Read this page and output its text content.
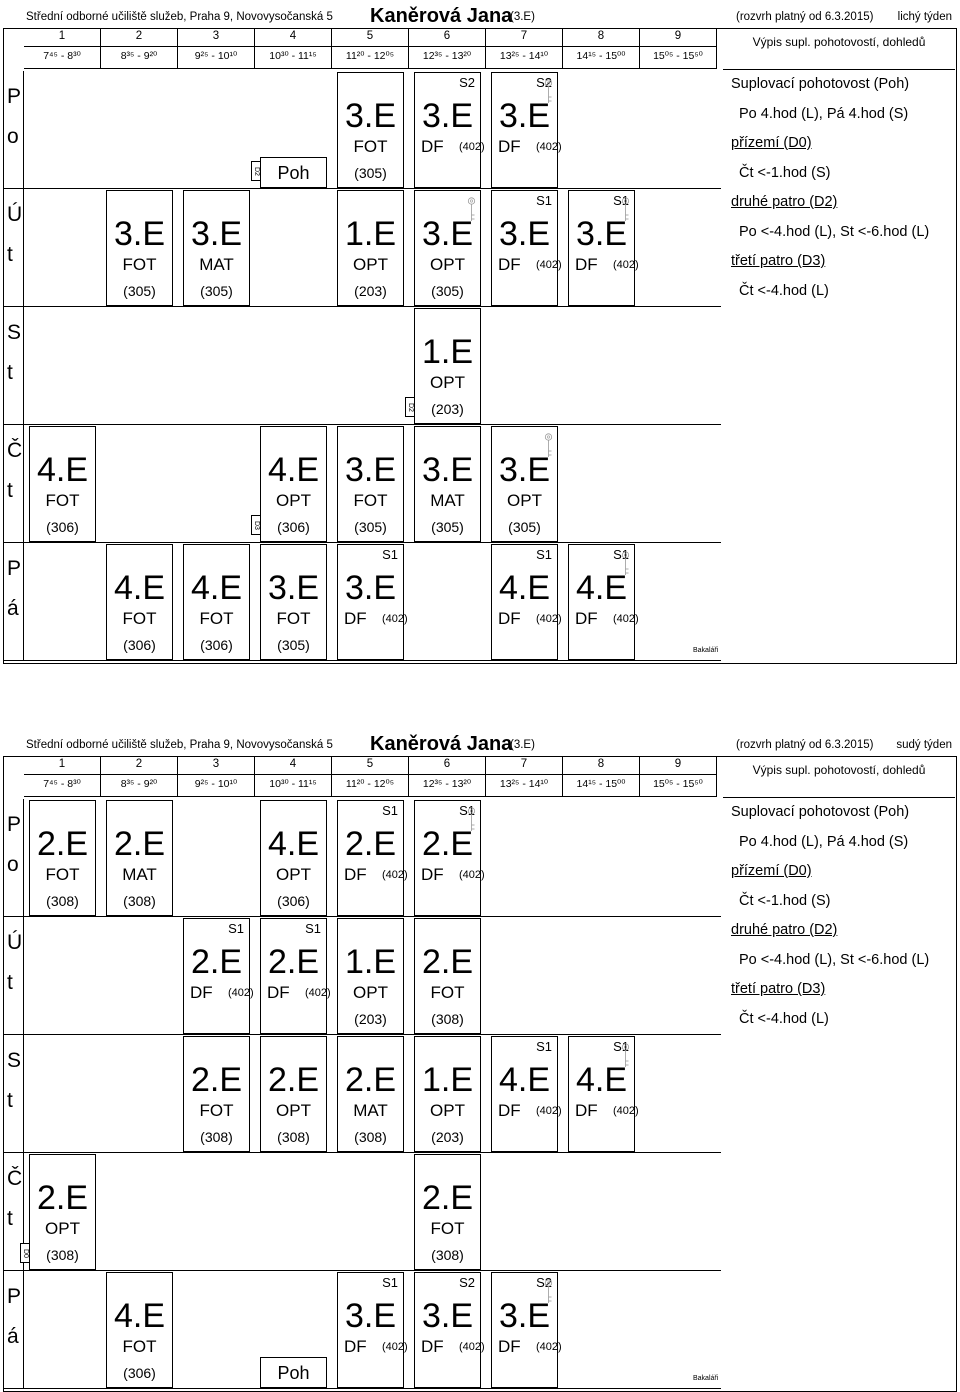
Střední odborné učiliště služeb, Praha 9, Novovysočanská 5 Kaněrová Jana
(3.E)	(rozvrh platný od 6.3.2015) lichý týden
1
7⁴⁵ - 8³⁰
2
8³⁵ - 9²⁰
3
9²⁵ - 10¹⁰
4
10³⁰ - 11¹⁵
5
11²⁰ - 12⁰⁵
6
12³⁵ - 13²⁰
7
13²⁵ - 14¹⁰
8
14¹⁵ - 15⁰⁰
9
15⁰⁵ - 15⁵⁰
Výpis supl. pohotovostí, dohledů
P
o
Ú
t
S
t
Č
t
P
á
3.E
FOT
(305)
S2
3.E
DF (402)
S2
3.E
DF (402)
3.E
FOT
(305)
3.E
MAT
(305)
1.E
OPT
(203)
3.E
OPT
(305)
S1
3.E
DF (402)
S1
3.E
DF (402)
1.E
OPT
(203)
4.E
FOT
(306)
4.E
OPT
(306)
3.E
FOT
(305)
3.E
MAT
(305)
3.E
OPT
(305)
4.E
FOT
(306)
4.E
FOT
(306)
3.E
FOT
(305)
S1
3.E
DF (402)
S1
4.E
DF (402)
S1
4.E
DF (402)
Poh
D2
D2
D3
Suplovací pohotovost (Poh)
Po 4.hod (L), Pá 4.hod (S)
přízemí (D0)
Čt <-1.hod (S)
druhé patro (D2)
Po <-4.hod (L), St <-6.hod (L)
třetí patro (D3)
Čt <-4.hod (L)
Bakaláři
Střední odborné učiliště služeb, Praha 9, Novovysočanská 5 Kaněrová Jana
(3.E)	(rozvrh platný od 6.3.2015) sudý týden
1
7⁴⁵ - 8³⁰
2
8³⁵ - 9²⁰
3
9²⁵ - 10¹⁰
4
10³⁰ - 11¹⁵
5
11²⁰ - 12⁰⁵
6
12³⁵ - 13²⁰
7
13²⁵ - 14¹⁰
8
14¹⁵ - 15⁰⁰
9
15⁰⁵ - 15⁵⁰
Výpis supl. pohotovostí, dohledů
P
o
Ú
t
S
t
Č
t
P
á
2.E
FOT
(308)
2.E
MAT
(308)
4.E
OPT
(306)
S1
2.E
DF (402)
S1
2.E
DF (402)
S1
2.E
DF (402)
S1
2.E
DF (402)
1.E
OPT
(203)
2.E
FOT
(308)
2.E
FOT
(308)
2.E
OPT
(308)
2.E
MAT
(308)
1.E
OPT
(203)
S1
4.E
DF (402)
S1
4.E
DF (402)
2.E
OPT
(308)
2.E
FOT
(308)
4.E
FOT
(306)
S1
3.E
DF (402)
S2
3.E
DF (402)
S2
3.E
DF (402)
Poh
D0
Suplovací pohotovost (Poh)
Po 4.hod (L), Pá 4.hod (S)
přízemí (D0)
Čt <-1.hod (S)
druhé patro (D2)
Po <-4.hod (L), St <-6.hod (L)
třetí patro (D3)
Čt <-4.hod (L)
Bakaláři
